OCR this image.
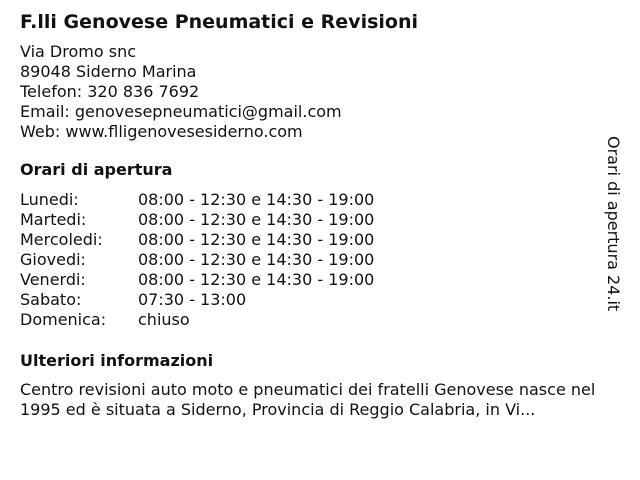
F.lli Genovese Pneumatici e Revisioni
Via Dromo snc
89048 Siderno Marina
Telefon: 320 836 7692
Email: genovesepneumatici@gmail.com
Web: www.flligenovesesiderno.com
Orari di apertura
Lunedi:	08:00 - 12:30 e 14:30 - 19:00
Martedi:	08:00 - 12:30 e 14:30 - 19:00
Mercoledi:	08:00 - 12:30 e 14:30 - 19:00
Giovedi:	08:00 - 12:30 e 14:30 - 19:00
Venerdi:	08:00 - 12:30 e 14:30 - 19:00
Sabato:	07:30 - 13:00
Domenica:	chiuso
Ulteriori informazioni

Centro revisioni auto moto e pneumatici dei fratelli Genovese nasce nel 1995 ed è situata a Siderno, Provincia di Reggio Calabria, in Vi...

Orari di apertura 24.it
